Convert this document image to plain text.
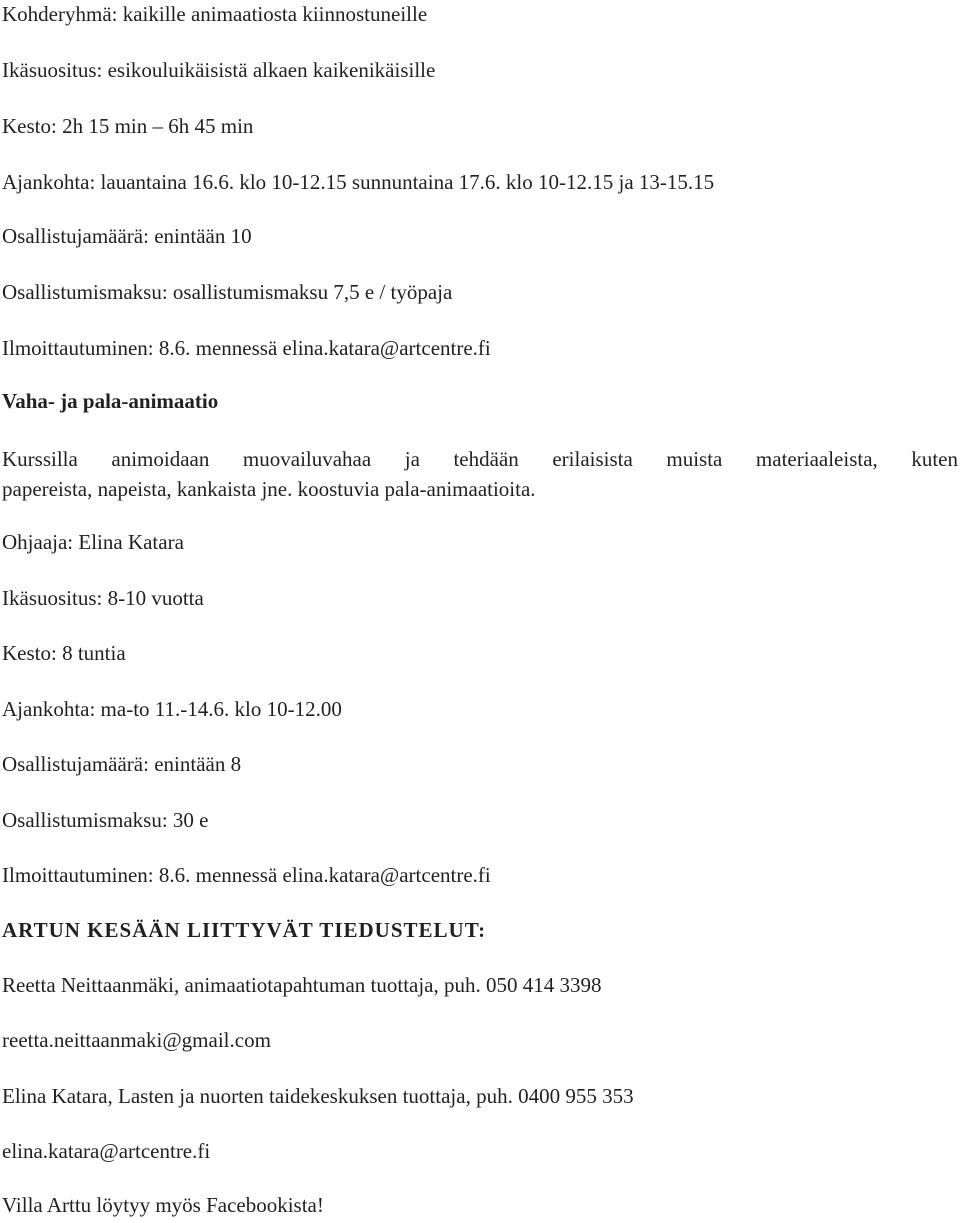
Kohderyhmä: kaikille animaatiosta kiinnostuneille
Ikäsuositus: esikouluikäisistä alkaen kaikenikäisille
Kesto: 2h 15 min – 6h 45 min
Ajankohta: lauantaina 16.6. klo 10-12.15 sunnuntaina 17.6. klo 10-12.15 ja 13-15.15
Osallistujamäärä: enintään 10
Osallistumismaksu: osallistumismaksu 7,5 e / työpaja
Ilmoittautuminen: 8.6. mennessä elina.katara@artcentre.fi
Vaha- ja pala-animaatio
Kurssilla animoidaan muovailuvahaa ja tehdään erilaisista muista materiaaleista, kuten
papereista, napeista, kankaista jne. koostuvia pala-animaatioita.
Ohjaaja: Elina Katara
Ikäsuositus: 8-10 vuotta
Kesto: 8 tuntia
Ajankohta: ma-to 11.-14.6. klo 10-12.00
Osallistujamäärä: enintään 8
Osallistumismaksu: 30 e
Ilmoittautuminen: 8.6. mennessä elina.katara@artcentre.fi
ARTUN KESÄÄN LIITTYVÄT TIEDUSTELUT:
Reetta Neittaanmäki, animaatiotapahtuman tuottaja, puh. 050 414 3398
reetta.neittaanmaki@gmail.com
Elina Katara, Lasten ja nuorten taidekeskuksen tuottaja, puh. 0400 955 353
elina.katara@artcentre.fi
Villa Arttu löytyy myös Facebookista!
